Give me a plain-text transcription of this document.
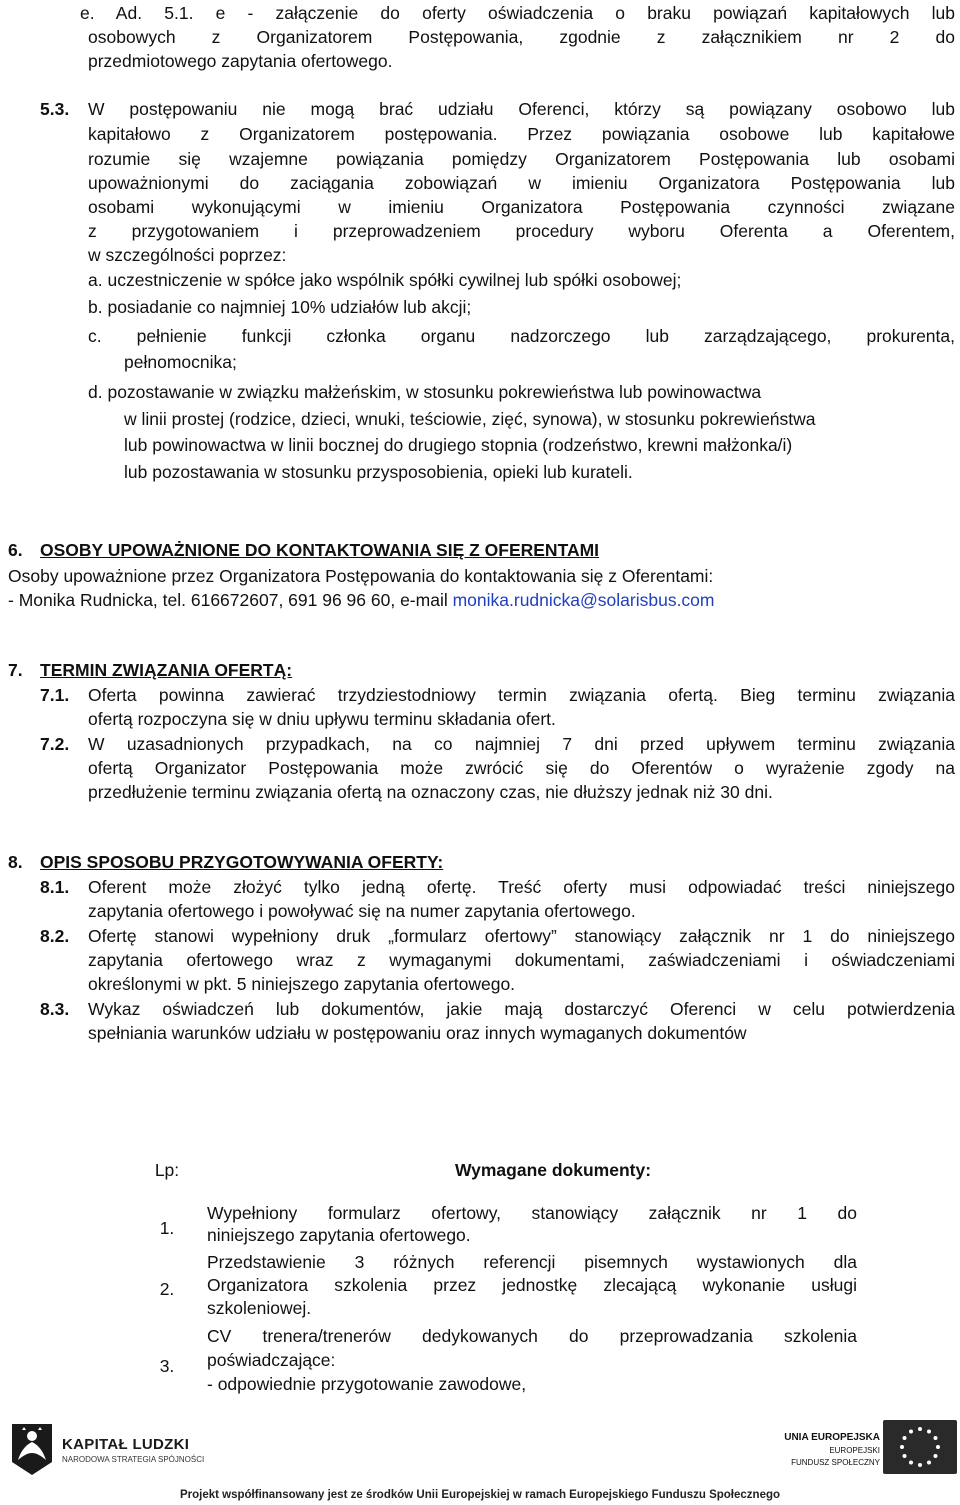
e. Ad. 5.1. e - załączenie do oferty oświadczenia o braku powiązań kapitałowych lub
osobowych z Organizatorem Postępowania, zgodnie z załącznikiem nr 2 do
przedmiotowego zapytania ofertowego.
5.3. W postępowaniu nie mogą brać udziału Oferenci, którzy są powiązany osobowo lub
kapitałowo z Organizatorem postępowania. Przez powiązania osobowe lub kapitałowe
rozumie się wzajemne powiązania pomiędzy Organizatorem Postępowania lub osobami
upoważnionymi do zaciągania zobowiązań w imieniu Organizatora Postępowania lub
osobami wykonującymi w imieniu Organizatora Postępowania czynności związane
z przygotowaniem i przeprowadzeniem procedury wyboru Oferenta a Oferentem,
w szczególności poprzez:
a. uczestniczenie w spółce jako wspólnik spółki cywilnej lub spółki osobowej;
b. posiadanie co najmniej 10% udziałów lub akcji;
c. pełnienie funkcji członka organu nadzorczego lub zarządzającego, prokurenta,
pełnomocnika;
d. pozostawanie w związku małżeńskim, w stosunku pokrewieństwa lub powinowactwa
w linii prostej (rodzice, dzieci, wnuki, teściowie, zięć, synowa), w stosunku pokrewieństwa
lub powinowactwa w linii bocznej do drugiego stopnia (rodzeństwo, krewni małżonka/i)
lub pozostawania w stosunku przysposobienia, opieki lub kurateli.
6. OSOBY UPOWAŻNIONE DO KONTAKTOWANIA SIĘ Z OFERENTAMI
Osoby upoważnione przez Organizatora Postępowania do kontaktowania się z Oferentami:
- Monika Rudnicka, tel. 616672607, 691 96 96 60, e-mail monika.rudnicka@solarisbus.com
7. TERMIN ZWIĄZANIA OFERTĄ:
7.1. Oferta powinna zawierać trzydziestodniowy termin związania ofertą. Bieg terminu związania
ofertą rozpoczyna się w dniu upływu terminu składania ofert.
7.2. W uzasadnionych przypadkach, na co najmniej 7 dni przed upływem terminu związania
ofertą Organizator Postępowania może zwrócić się do Oferentów o wyrażenie zgody na
przedłużenie terminu związania ofertą na oznaczony czas, nie dłuższy jednak niż 30 dni.
8. OPIS SPOSOBU PRZYGOTOWYWANIA OFERTY:
8.1. Oferent może złożyć tylko jedną ofertę. Treść oferty musi odpowiadać treści niniejszego
zapytania ofertowego i powoływać się na numer zapytania ofertowego.
8.2. Ofertę stanowi wypełniony druk „formularz ofertowy” stanowiący załącznik nr 1 do niniejszego
zapytania ofertowego wraz z wymaganymi dokumentami, zaświadczeniami i oświadczeniami
określonymi w pkt. 5 niniejszego zapytania ofertowego.
8.3. Wykaz oświadczeń lub dokumentów, jakie mają dostarczyć Oferenci w celu potwierdzenia
spełniania warunków udziału w postępowaniu oraz innych wymaganych dokumentów
Lp:	Wymagane dokumenty:
1.	Wypełniony formularz ofertowy, stanowiący załącznik nr 1 do
niniejszego zapytania ofertowego.

2.	Przedstawienie 3 różnych referencji pisemnych wystawionych dla
Organizatora szkolenia przez jednostkę zlecającą wykonanie usługi
szkoleniowej.

3.	CV trenera/trenerów dedykowanych do przeprowadzania szkolenia
poświadczające:
- odpowiednie przygotowanie zawodowe,
KAPITAŁ LUDZKI
NARODOWA STRATEGIA SPÓJNOŚCI
UNIA EUROPEJSKA
EUROPEJSKI
FUNDUSZ SPOŁECZNY
Projekt współfinansowany jest ze środków Unii Europejskiej w ramach Europejskiego Funduszu Społecznego
